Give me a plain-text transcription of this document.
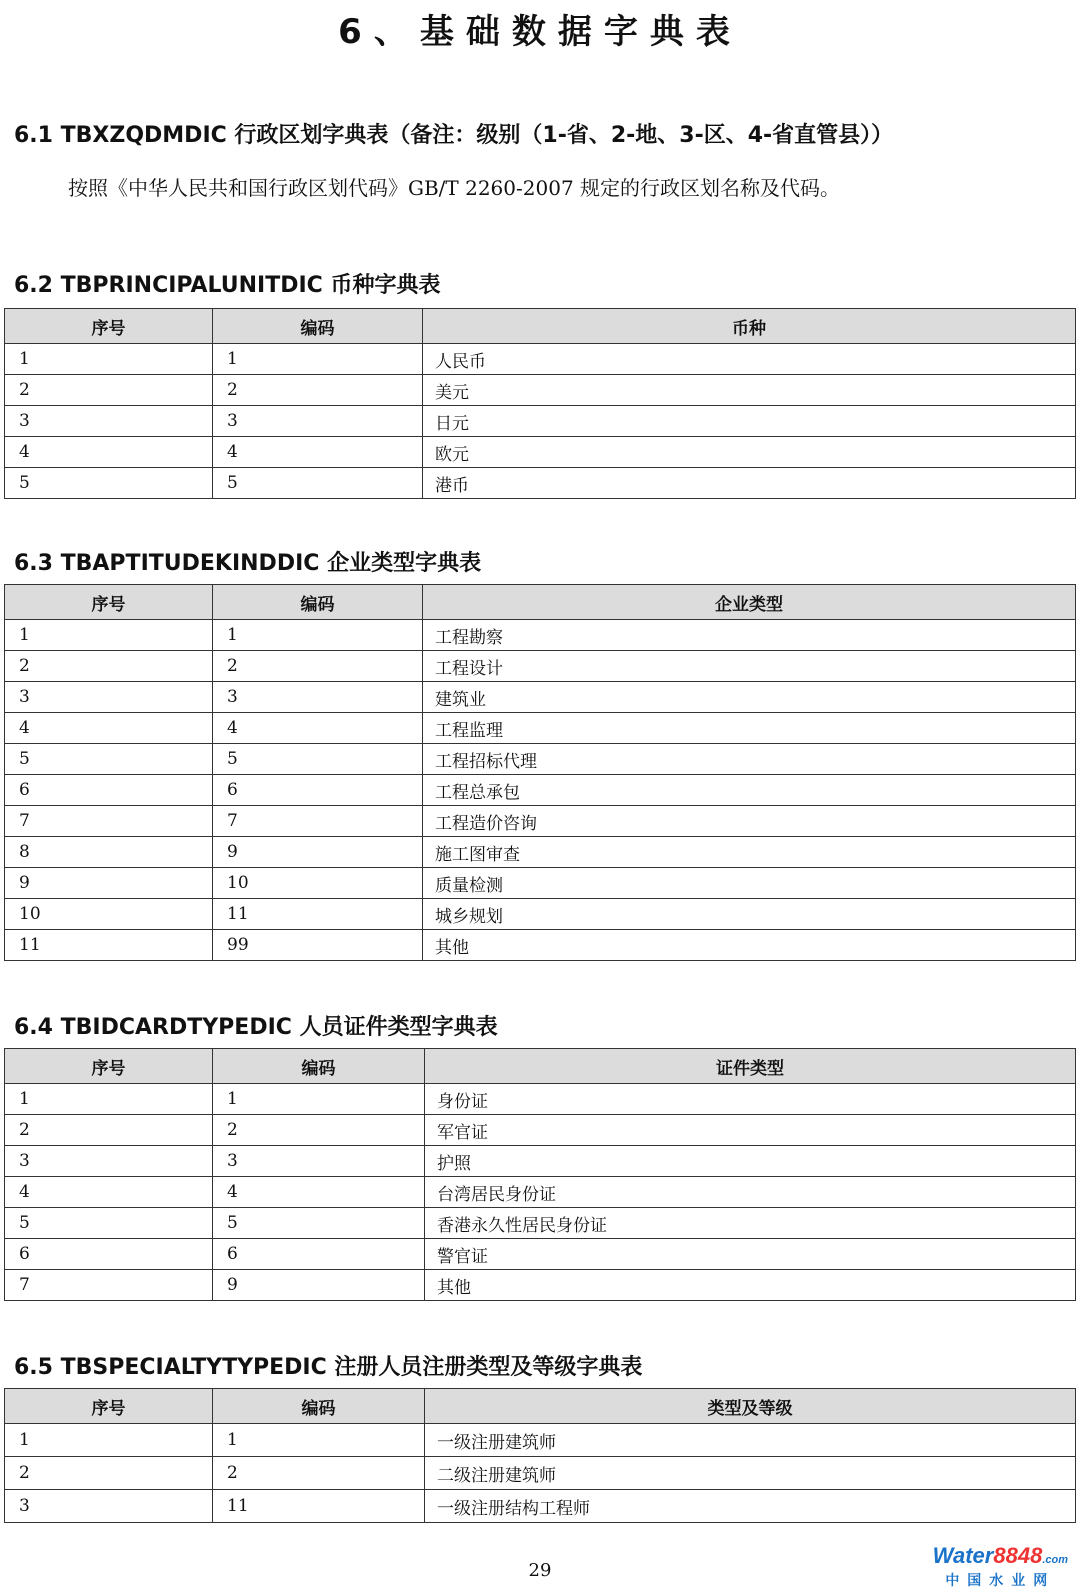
6、基础数据字典表
6.1 TBXZQDMDIC 行政区划字典表（备注：级别（1-省、2-地、3-区、4-省直管县））

按照《中华人民共和国行政区划代码》GB/T 2260-2007 规定的行政区划名称及代码。

6.2 TBPRINCIPALUNITDIC 币种字典表
序号	编码	币种
1	1	人民币
2	2	美元
3	3	日元
4	4	欧元
5	5	港币
6.3 TBAPTITUDEKINDDIC 企业类型字典表
序号	编码	企业类型
1	1	工程勘察
2	2	工程设计
3	3	建筑业
4	4	工程监理
5	5	工程招标代理
6	6	工程总承包
7	7	工程造价咨询
8	9	施工图审查
9	10	质量检测
10	11	城乡规划
11	99	其他
6.4 TBIDCARDTYPEDIC 人员证件类型字典表
序号	编码	证件类型
1	1	身份证
2	2	军官证
3	3	护照
4	4	台湾居民身份证
5	5	香港永久性居民身份证
6	6	警官证
7	9	其他
6.5 TBSPECIALTYTYPEDIC 注册人员注册类型及等级字典表
序号	编码	类型及等级
1	1	一级注册建筑师
2	2	二级注册建筑师
3	11	一级注册结构工程师
29
Water8848.com
中国水业网
